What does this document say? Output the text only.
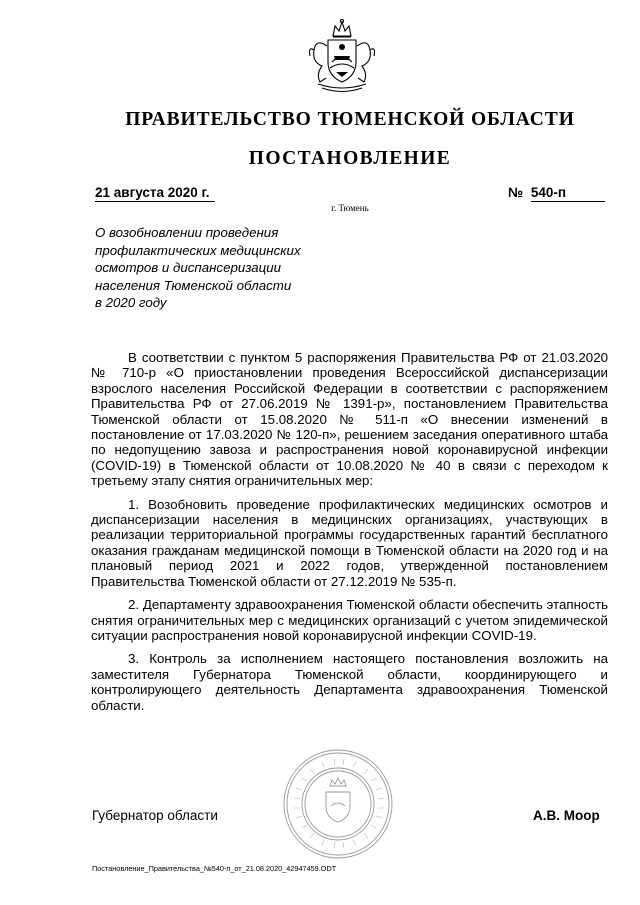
ПРАВИТЕЛЬСТВО ТЮМЕНСКОЙ ОБЛАСТИ
ПОСТАНОВЛЕНИЕ
21 августа 2020 г.	№ 540-п
г. Тюмень
О возобновлении проведения
профилактических медицинских
осмотров и диспансеризации
населения Тюменской области
в 2020 году

В соответствии с пунктом 5 распоряжения Правительства РФ от 21.03.2020 № 710-р «О приостановлении проведения Всероссийской диспансеризации взрослого населения Российской Федерации в соответствии с распоряжением Правительства РФ от 27.06.2019 № 1391-р», постановлением Правительства Тюменской области от 15.08.2020 № 511-п «О внесении изменений в постановление от 17.03.2020 № 120-п», решением заседания оперативного штаба по недопущению завоза и распространения новой коронавирусной инфекции (COVID-19) в Тюменской области от 10.08.2020 № 40 в связи с переходом к третьему этапу снятия ограничительных мер:

1. Возобновить проведение профилактических медицинских осмотров и диспансеризации населения в медицинских организациях, участвующих в реализации территориальной программы государственных гарантий бесплатного оказания гражданам медицинской помощи в Тюменской области на 2020 год и на плановый период 2021 и 2022 годов, утвержденной постановлением Правительства Тюменской области от 27.12.2019 № 535-п.

2. Департаменту здравоохранения Тюменской области обеспечить этапность снятия ограничительных мер с медицинских организаций с учетом эпидемической ситуации распространения новой коронавирусной инфекции COVID-19.

3. Контроль за исполнением настоящего постановления возложить на заместителя Губернатора Тюменской области, координирующего и контролирующего деятельность Департамента здравоохранения Тюменской области.

Губернатор области	А.В. Моор
Постановление_Правительства_№540-п_от_21.08.2020_42947459.ODT
